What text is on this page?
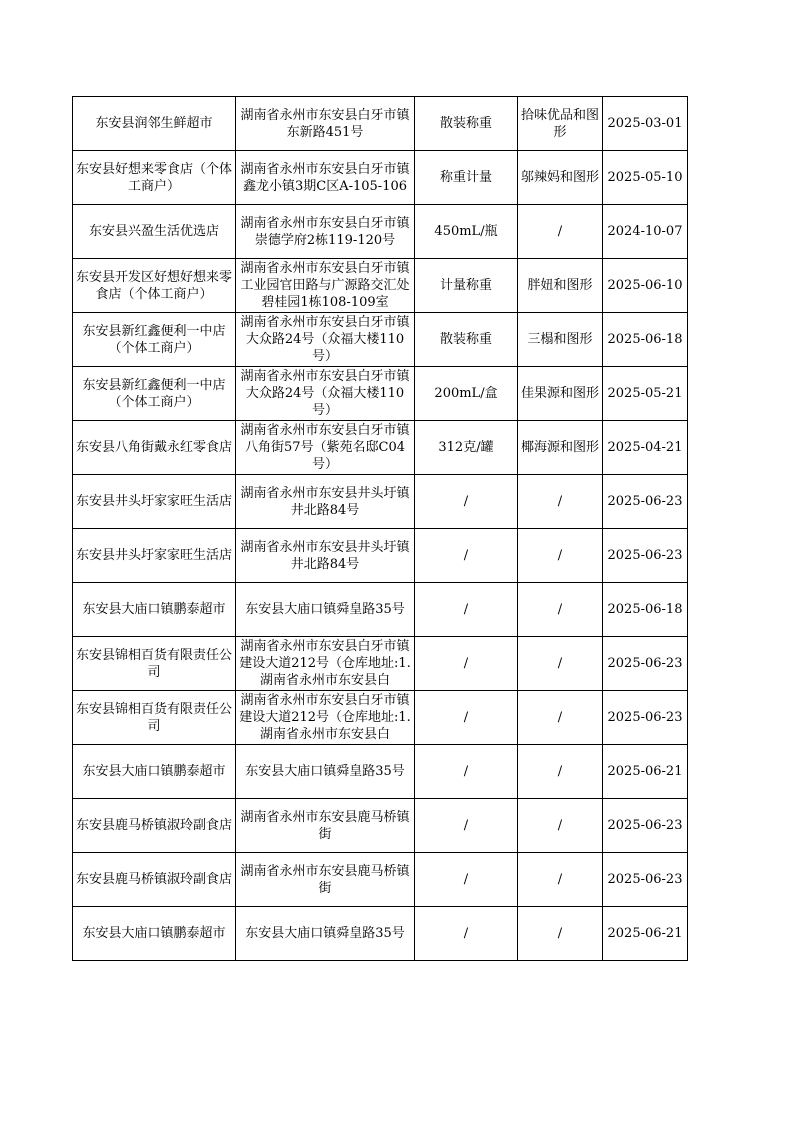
东安县润邻生鲜超市	湖南省永州市东安县白牙市镇东新路451号	散装称重	拾味优品和图形	2025-03-01
东安县好想来零食店（个体工商户）	湖南省永州市东安县白牙市镇鑫龙小镇3期C区A-105-106	称重计量	邬辣妈和图形	2025-05-10
东安县兴盈生活优选店	湖南省永州市东安县白牙市镇崇德学府2栋119-120号	450mL/瓶	/	2024-10-07
东安县开发区好想好想来零食店（个体工商户）	湖南省永州市东安县白牙市镇工业园官田路与广源路交汇处碧桂园1栋108-109室	计量称重	胖妞和图形	2025-06-10
东安县新红鑫便利一中店（个体工商户）	湖南省永州市东安县白牙市镇大众路24号（众福大楼110号）	散装称重	三榻和图形	2025-06-18
东安县新红鑫便利一中店（个体工商户）	湖南省永州市东安县白牙市镇大众路24号（众福大楼110号）	200mL/盒	佳果源和图形	2025-05-21
东安县八角街戴永红零食店	湖南省永州市东安县白牙市镇八角街57号（紫苑名邸C04号）	312克/罐	椰海源和图形	2025-04-21
东安县井头圩家家旺生活店	湖南省永州市东安县井头圩镇井北路84号	/	/	2025-06-23
东安县井头圩家家旺生活店	湖南省永州市东安县井头圩镇井北路84号	/	/	2025-06-23
东安县大庙口镇鹏泰超市	东安县大庙口镇舜皇路35号	/	/	2025-06-18
东安县锦相百货有限责任公司	湖南省永州市东安县白牙市镇建设大道212号（仓库地址:1.湖南省永州市东安县白	/	/	2025-06-23
东安县锦相百货有限责任公司	湖南省永州市东安县白牙市镇建设大道212号（仓库地址:1.湖南省永州市东安县白	/	/	2025-06-23
东安县大庙口镇鹏泰超市	东安县大庙口镇舜皇路35号	/	/	2025-06-21
东安县鹿马桥镇淑玲副食店	湖南省永州市东安县鹿马桥镇街	/	/	2025-06-23
东安县鹿马桥镇淑玲副食店	湖南省永州市东安县鹿马桥镇街	/	/	2025-06-23
东安县大庙口镇鹏泰超市	东安县大庙口镇舜皇路35号	/	/	2025-06-21
